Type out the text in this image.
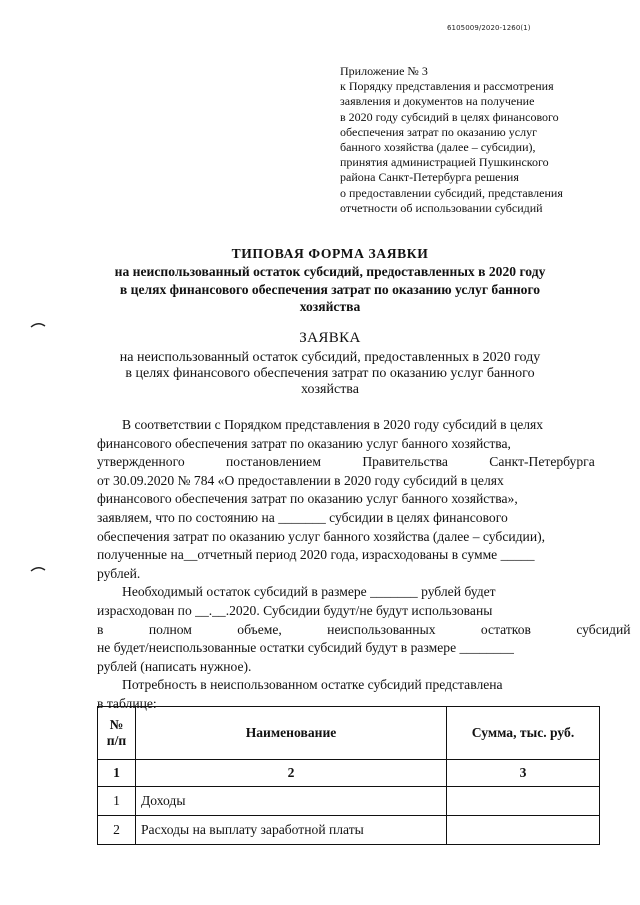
6105009/2020-1260(1)
Приложение № 3
к Порядку представления и рассмотрения
заявления и документов на получение
в 2020 году субсидий в целях финансового
обеспечения затрат по оказанию услуг
банного хозяйства (далее – субсидии),
принятия администрацией Пушкинского
района Санкт-Петербурга решения
о предоставлении субсидий, представления
отчетности об использовании субсидий
ТИПОВАЯ ФОРМА ЗАЯВКИ
на неиспользованный остаток субсидий, предоставленных в 2020 году
в целях финансового обеспечения затрат по оказанию услуг банного
хозяйства
ЗАЯВКА
на неиспользованный остаток субсидий, предоставленных в 2020 году
в целях финансового обеспечения затрат по оказанию услуг банного
хозяйства
В соответствии с Порядком представления в 2020 году субсидий в целях
финансового обеспечения затрат по оказанию услуг банного хозяйства,
утвержденного постановлением Правительства Санкт-Петербурга
от 30.09.2020 № 784 «О предоставлении в 2020 году субсидий в целях
финансового обеспечения затрат по оказанию услуг банного хозяйства»,
заявляем, что по состоянию на _______ субсидии в целях финансового
обеспечения затрат по оказанию услуг банного хозяйства (далее – субсидии),
полученные на__отчетный период 2020 года, израсходованы в сумме _____
рублей.
Необходимый остаток субсидий в размере _______ рублей будет
израсходован по __.__.2020. Субсидии будут/не будут использованы
в полном объеме, неиспользованных остатков субсидий
не будет/неиспользованные остатки субсидий будут в размере ________
рублей (написать нужное).
Потребность в неиспользованном остатке субсидий представлена
в таблице:
№ п/п	Наименование	Сумма, тыс. руб.
1	2	3
1	Доходы	
2	Расходы на выплату заработной платы	
